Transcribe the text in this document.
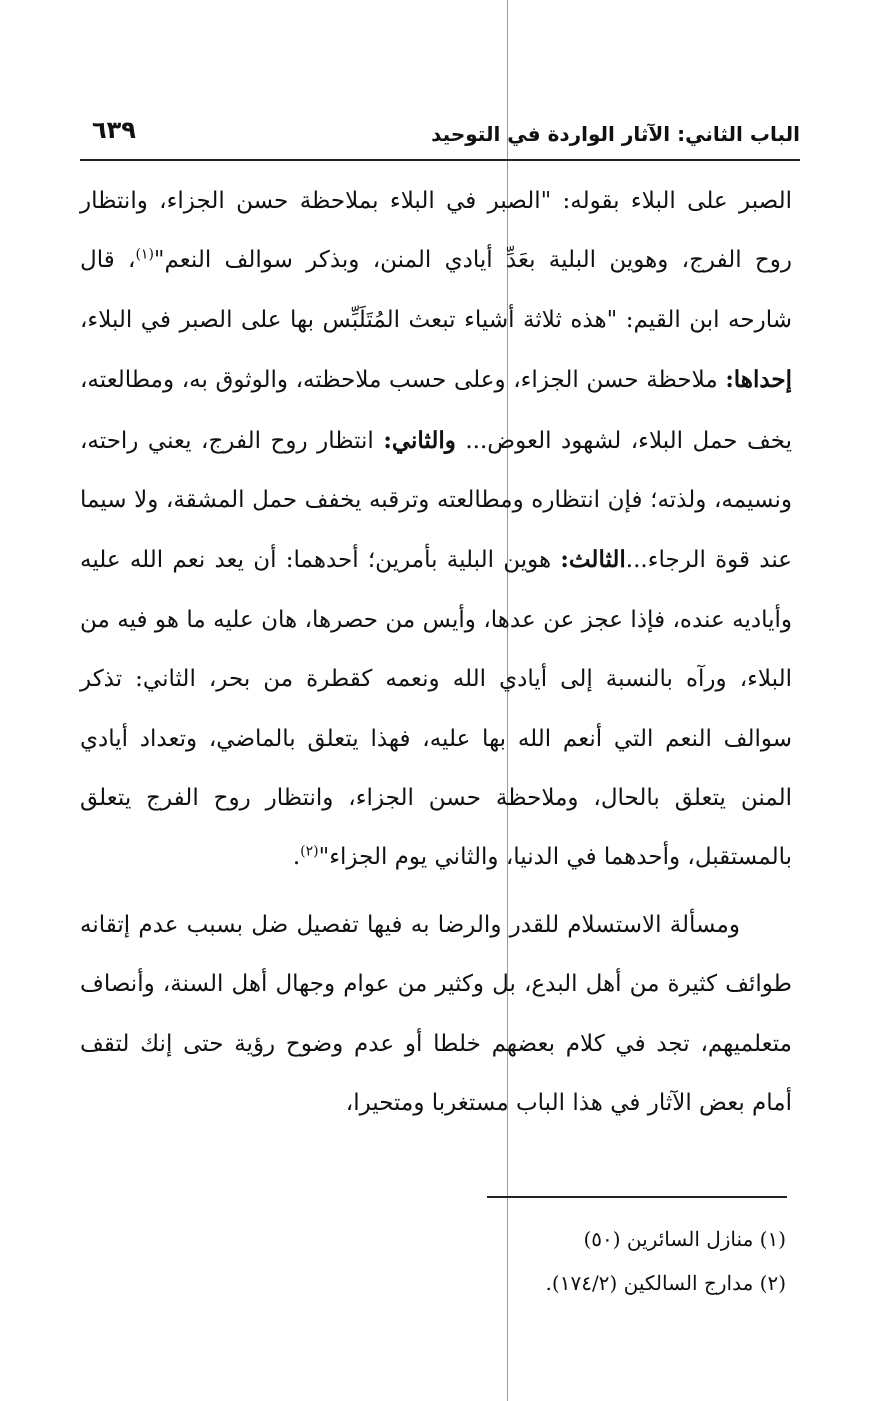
الباب الثاني: الآثار الواردة في التوحيد
٦٣٩

الصبر على البلاء بقوله: "الصبر في البلاء بملاحظة حسن الجزاء، وانتظار روح الفرج، وهوين البلية بعَدِّ أيادي المنن، وبذكر سوالف النعم"$^{(١)}$، قال شارحه ابن القيم: "هذه ثلاثة أشياء تبعث المُتَلَبِّس بها على الصبر في البلاء، إحداها: ملاحظة حسن الجزاء، وعلى حسب ملاحظته، والوثوق به، ومطالعته، يخف حمل البلاء، لشهود العوض... والثاني: انتظار روح الفرج، يعني راحته، ونسيمه، ولذته؛ فإن انتظاره ومطالعته وترقبه يخفف حمل المشقة، ولا سيما عند قوة الرجاء...الثالث: هوين البلية بأمرين؛ أحدهما: أن يعد نعم الله عليه وأياديه عنده، فإذا عجز عن عدها، وأيس من حصرها، هان عليه ما هو فيه من البلاء، ورآه بالنسبة إلى أيادي الله ونعمه كقطرة من بحر، الثاني: تذكر سوالف النعم التي أنعم الله بها عليه، فهذا يتعلق بالماضي، وتعداد أيادي المنن يتعلق بالحال، وملاحظة حسن الجزاء، وانتظار روح الفرج يتعلق بالمستقبل، وأحدهما في الدنيا، والثاني يوم الجزاء"$^{(٢)}$.

ومسألة الاستسلام للقدر والرضا به فيها تفصيل ضل بسبب عدم إتقانه طوائف كثيرة من أهل البدع، بل وكثير من عوام وجهال أهل السنة، وأنصاف متعلميهم، تجد في كلام بعضهم خلطا أو عدم وضوح رؤية حتى إنك لتقف أمام بعض الآثار في هذا الباب مستغربا ومتحيرا،

(١) منازل السائرين (٥٠)
(٢) مدارج السالكين (١٧٤/٢).
